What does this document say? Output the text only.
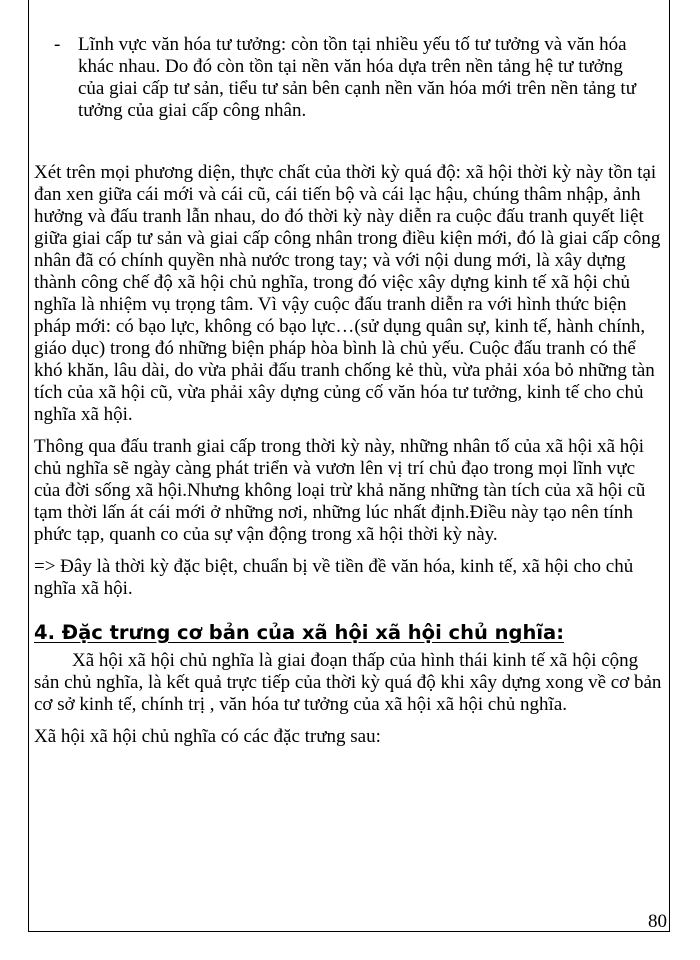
- Lĩnh vực văn hóa tư tưởng: còn tồn tại nhiều yếu tố tư tưởng và văn hóa khác nhau. Do đó còn tồn tại nền văn hóa dựa trên nền tảng hệ tư tưởng của giai cấp tư sản, tiểu tư sản bên cạnh nền văn hóa mới trên nền tảng tư tưởng của giai cấp công nhân.

Xét trên mọi phương diện, thực chất của thời kỳ quá độ: xã hội thời kỳ này tồn tại đan xen giữa cái mới và cái cũ, cái tiến bộ và cái lạc hậu, chúng thâm nhập, ảnh hưởng và đấu tranh lẫn nhau, do đó thời kỳ này diễn ra cuộc đấu tranh quyết liệt giữa giai cấp tư sản và giai cấp công nhân trong điều kiện mới, đó là giai cấp công nhân đã có chính quyền nhà nước trong tay; và với nội dung mới, là xây dựng thành công chế độ xã hội chủ nghĩa, trong đó việc xây dựng kinh tế xã hội chủ nghĩa là nhiệm vụ trọng tâm. Vì vậy cuộc đấu tranh diễn ra với hình thức biện pháp mới: có bạo lực, không có bạo lực…(sử dụng quân sự, kinh tế, hành chính, giáo dục) trong đó những biện pháp hòa bình là chủ yếu. Cuộc đấu tranh có thể khó khăn, lâu dài, do vừa phải đấu tranh chống kẻ thù, vừa phải xóa bỏ những tàn tích của xã hội cũ, vừa phải xây dựng củng cố văn hóa tư tưởng, kinh tế cho chủ nghĩa xã hội.

Thông qua đấu tranh giai cấp trong thời kỳ này, những nhân tố của xã hội xã hội chủ nghĩa sẽ ngày càng phát triển và vươn lên vị trí chủ đạo trong mọi lĩnh vực của đời sống xã hội.Nhưng không loại trừ khả năng những tàn tích của xã hội cũ tạm thời lấn át cái mới ở những nơi, những lúc nhất định.Điều này tạo nên tính phức tạp, quanh co của sự vận động trong xã hội thời kỳ này.

=> Đây là thời kỳ đặc biệt, chuẩn bị về tiền đề văn hóa, kinh tế, xã hội cho chủ nghĩa xã hội.

4. Đặc trưng cơ bản của xã hội xã hội chủ nghĩa:

Xã hội xã hội chủ nghĩa là giai đoạn thấp của hình thái kinh tế xã hội cộng sản chủ nghĩa, là kết quả trực tiếp của thời kỳ quá độ khi xây dựng xong về cơ bản cơ sở kinh tế, chính trị , văn hóa tư tưởng của xã hội xã hội chủ nghĩa.

Xã hội xã hội chủ nghĩa có các đặc trưng sau:

80
